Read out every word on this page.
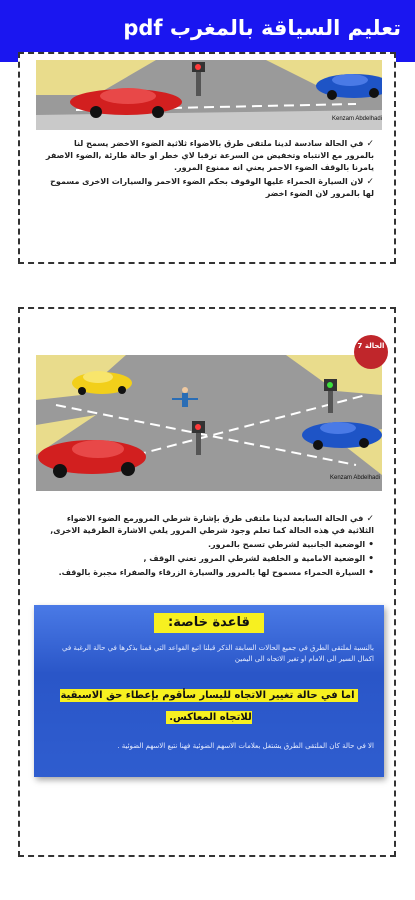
تعليم السياقة بالمغرب pdf
Kenzam Abdelhadi

✓ في الحالة سادسة لدينا ملتقى طرق بالاضواء ثلاثية الضوء الاخضر يسمح لنا بالمرور مع الانتباه وتخفيض من السرعة ترقبا لاي خطر او حالة طارئة ,الضوء الاصفر يامرنا بالوقف الضوء الاحمر يعني انه ممنوع المرور.

✓ لان السيارة الحمراء عليها الوقوف بحكم الضوء الاحمر والسيارات الاخرى مسموح لها بالمرور لان الضوء اخضر

Kenzam Abdelhadi
الحالة 7

✓ في الحالة السابعة لدينا ملتقى طرق بإشارة شرطي المرورمع الضوء الاضواء الثلاثية في هذه الحالة كما تعلم وجود شرطي المرور يلغي الاشارة الطرقية الاخرى,

• الوضعية الجانبية لشرطي تسمح بالمرور.

• الوضعية الامامية و الخلفية لشرطي المرور تعني الوقف ,

• السيارة الحمراء مسموح لها بالمرور والسيارة الزرقاء والصفراء مجبرة بالوقف.

قاعدة خاصة:
بالنسبة لملتقى الطرق في جميع الحالات السابقة الذكر قبلنا اتبع القواعد التي قمنا بذكرها في حالة الرغبة في اكمال السير الى الامام او تغير الاتجاه الى اليمين
اما في حالة تغيير الاتجاه لليسار سأقوم بإعطاء حق الاسبقية للاتجاه المعاكس.
الا في حالة كان الملتقى الطرق يشتغل بعلامات الاسهم الضوئية فهنا نتبع الاسهم الضوئية .
